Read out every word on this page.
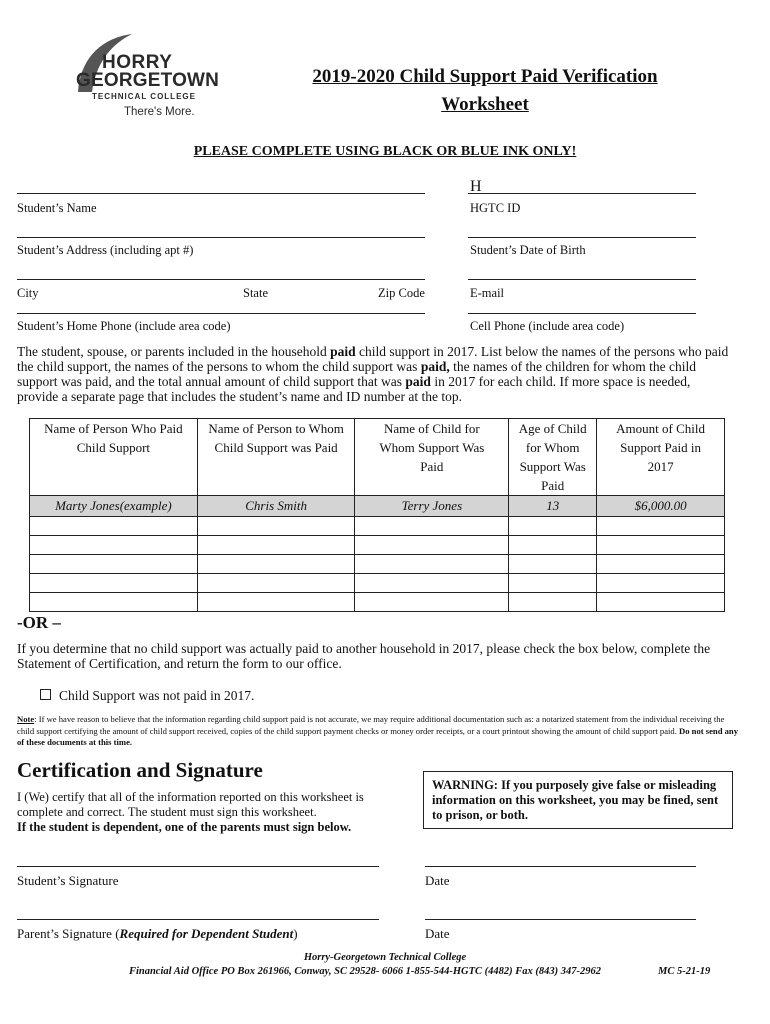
HORRY
GEORGETOWN
TECHNICAL COLLEGE
There's More.
2019-2020 Child Support Paid Verification
Worksheet
PLEASE COMPLETE USING BLACK OR BLUE INK ONLY!
H
Student’s Name	HGTC ID
Student’s Address (including apt #)	Student’s Date of Birth
City	State	Zip Code	E-mail
Student’s Home Phone (include area code)	Cell Phone (include area code)
The student, spouse, or parents included in the household paid child support in 2017. List below the names of the persons who paid the child support, the names of the persons to whom the child support was paid, the names of the children for whom the child support was paid, and the total annual amount of child support that was paid in 2017 for each child. If more space is needed, provide a separate page that includes the student’s name and ID number at the top.
Name of Person Who Paid Child Support	Name of Person to Whom Child Support was Paid	Name of Child for Whom Support Was Paid	Age of Child for Whom Support Was Paid	Amount of Child Support Paid in 2017
Marty Jones(example)	Chris Smith	Terry Jones	13	$6,000.00

-OR –
If you determine that no child support was actually paid to another household in 2017, please check the box below, complete the Statement of Certification, and return the form to our office.
Child Support was not paid in 2017.
Note: If we have reason to believe that the information regarding child support paid is not accurate, we may require additional documentation such as: a notarized statement from the individual receiving the child support certifying the amount of child support received, copies of the child support payment checks or money order receipts, or a court printout showing the amount of child support paid. Do not send any of these documents at this time.
Certification and Signature
I (We) certify that all of the information reported on this worksheet is complete and correct. The student must sign this worksheet.
If the student is dependent, one of the parents must sign below.
WARNING: If you purposely give false or misleading information on this worksheet, you may be fined, sent to prison, or both.
Student’s Signature	Date
Parent’s Signature (Required for Dependent Student)	Date
Horry-Georgetown Technical College
Financial Aid Office PO Box 261966, Conway, SC 29528- 6066 1-855-544-HGTC (4482) Fax (843) 347-2962	MC 5-21-19
